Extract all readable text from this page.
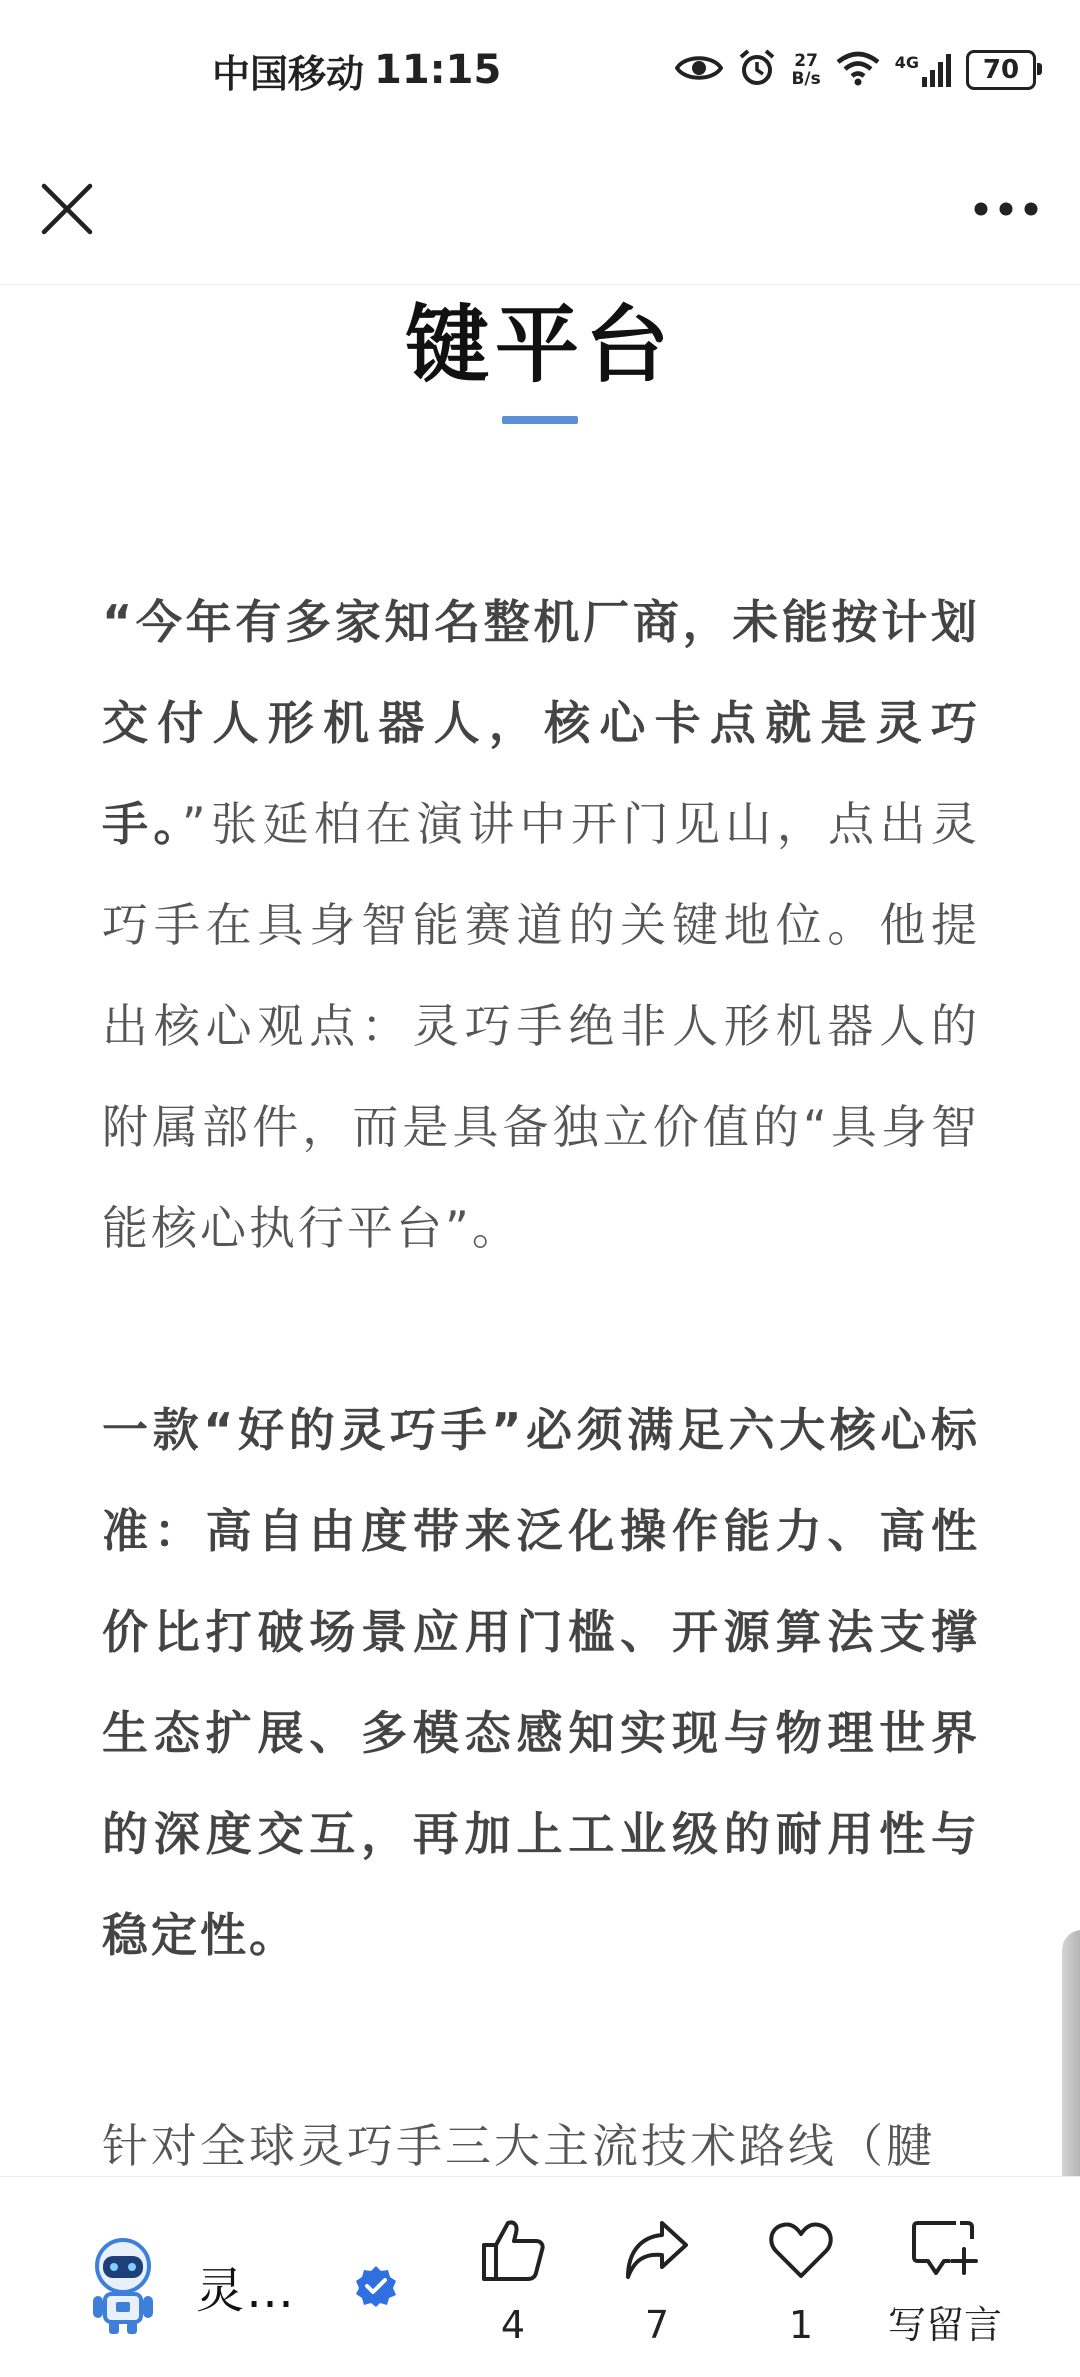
中国移动 11:15	27
B/s
4G 70
键平台

“今年有多家知名整机厂商，未能按计划交付人形机器人，核心卡点就是灵巧手。”张延柏在演讲中开门见山，点出灵巧手在具身智能赛道的关键地位。他提出核心观点：灵巧手绝非人形机器人的附属部件，而是具备独立价值的“具身智能核心执行平台”。

一款“好的灵巧手”必须满足六大核心标准：高自由度带来泛化操作能力、高性价比打破场景应用门槛、开源算法支撑生态扩展、多模态感知实现与物理世界的深度交互，再加上工业级的耐用性与稳定性。

针对全球灵巧手三大主流技术路线（腱

灵…
4	7	1 写留言
